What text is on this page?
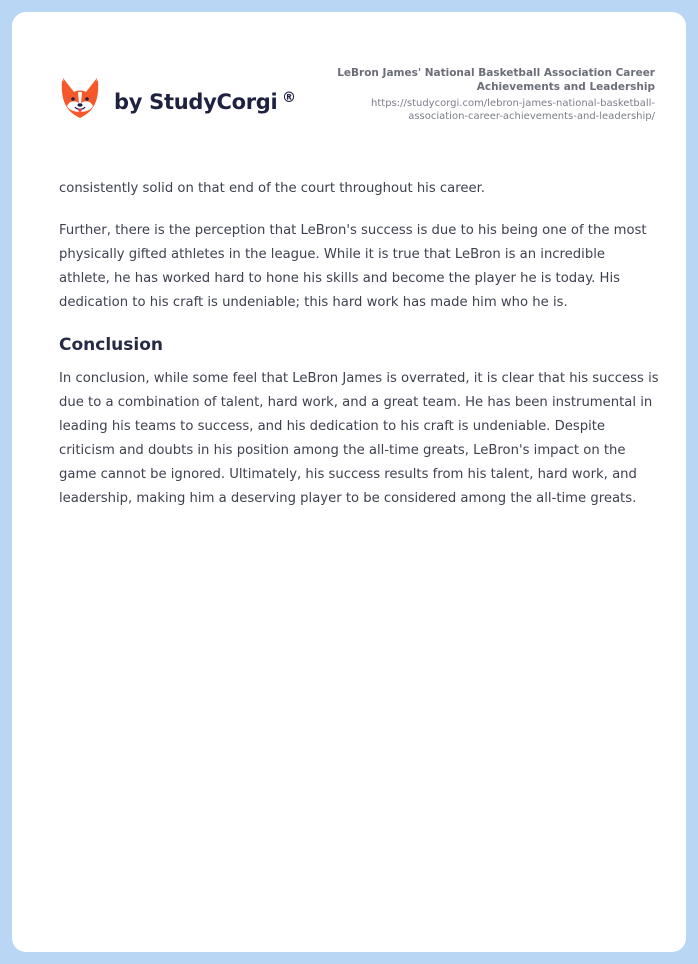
by StudyCorgi ®
LeBron James' National Basketball Association Career Achievements and Leadership
https://studycorgi.com/lebron-james-national-basketball-association-career-achievements-and-leadership/

consistently solid on that end of the court throughout his career.

Further, there is the perception that LeBron's success is due to his being one of the most physically gifted athletes in the league. While it is true that LeBron is an incredible athlete, he has worked hard to hone his skills and become the player he is today. His dedication to his craft is undeniable; this hard work has made him who he is.

Conclusion

In conclusion, while some feel that LeBron James is overrated, it is clear that his success is due to a combination of talent, hard work, and a great team. He has been instrumental in leading his teams to success, and his dedication to his craft is undeniable. Despite criticism and doubts in his position among the all-time greats, LeBron's impact on the game cannot be ignored. Ultimately, his success results from his talent, hard work, and leadership, making him a deserving player to be considered among the all-time greats.
